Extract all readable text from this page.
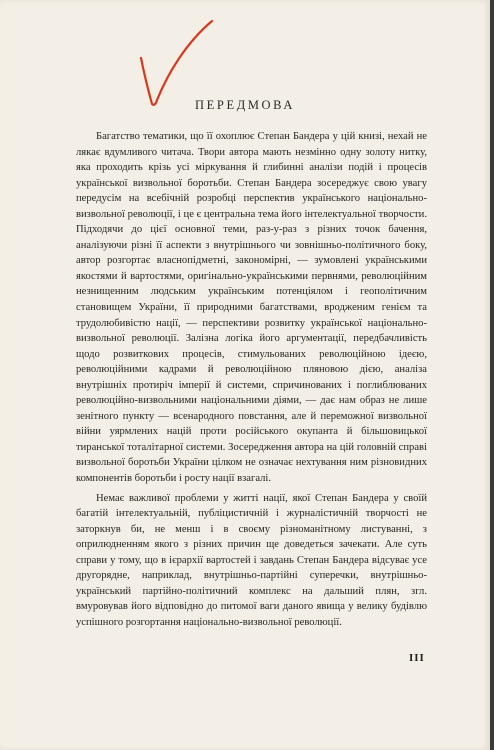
ПЕРЕДМОВА

Багатство тематики, що її охоплює Степан Бандера у цій книзі, нехай не лякає вдумливого читача. Твори автора мають незмінно одну золоту нитку, яка проходить крізь усі міркування й глибинні аналізи подій і процесів української визвольної боротьби. Степан Бандера зосереджує свою увагу передусім на всебічній розробці перспектив українського національно-визвольної революції, і це є центральна тема його інтелектуальної творчости. Підходячи до цієї основної теми, раз-у-раз з різних точок бачення, аналізуючи різні її аспекти з внутрішнього чи зовнішньо-політичного боку, автор розгортає власнопідметні, закономірні, — зумовлені українськими якостями й вартостями, оригінально-українськими первнями, революційним незнищенним людським українським потенціялом і геополітичним становищем України, її природними багатствами, вродженим генієм та трудолюбивістю нації, — перспективи розвитку української національно-визвольної революції. Залізна логіка його аргументації, передбачливість щодо розвиткових процесів, стимульованих революційною ідеєю, революційними кадрами й революційною пляновою дією, аналіза внутрішніх протиріч імперії й системи, спричинованих і поглиблюваних революційно-визвольними національними діями, — дає нам образ не лише зенітного пункту — всенародного повстання, але й переможної визвольної війни уярмлених націй проти російського окупанта й більшовицької тиранської тоталітарної системи. Зосередження автора на цій головній справі визвольної боротьби України цілком не означає нехтування ним різновидних компонентів боротьби і росту нації взагалі.

Немає важливої проблеми у житті нації, якої Степан Бандера у своїй багатій інтелектуальній, публіцистичній і журналістичній творчості не заторкнув би, не менш і в своєму різноманітному листуванні, з оприлюдненням якого з різних причин ще доведеться зачекати. Але суть справи у тому, що в ієрархії вартостей і завдань Степан Бандера відсуває усе другорядне, наприклад, внутрішньо-партійні суперечки, внутрішньо-український партійно-політичний комплекс на дальший плян, згл. вмуровував його відповідно до питомої ваги даного явища у велику будівлю успішного розгортання національно-визвольної революції.

III
